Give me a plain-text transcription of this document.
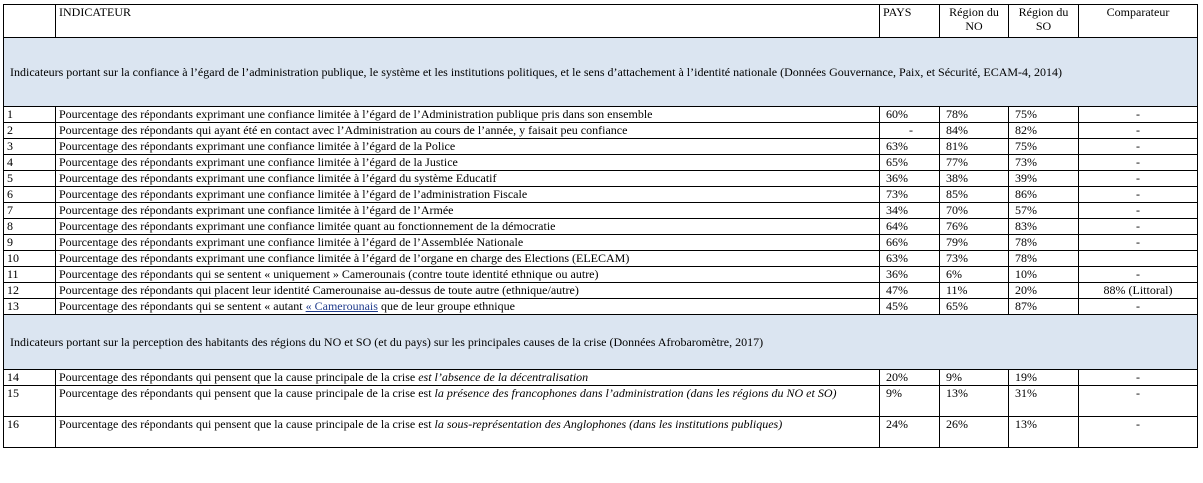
	INDICATEUR	PAYS	Région du NO	Région du SO	Comparateur
Indicateurs portant sur la confiance à l’égard de l’administration publique, le système et les institutions politiques, et le sens d’attachement à l’identité nationale (Données Gouvernance, Paix, et Sécurité, ECAM-4, 2014)					
1	Pourcentage des répondants exprimant une confiance limitée à l’égard de l’Administration publique pris dans son ensemble	60%	78%	75%	-
2	Pourcentage des répondants qui ayant été en contact avec l’Administration au cours de l’année, y faisait peu confiance	-	84%	82%	-
3	Pourcentage des répondants exprimant une confiance limitée à l’égard de la Police	63%	81%	75%	-
4	Pourcentage des répondants exprimant une confiance limitée à l’égard de la Justice	65%	77%	73%	-
5	Pourcentage des répondants exprimant une confiance limitée à l’égard du système Educatif	36%	38%	39%	-
6	Pourcentage des répondants exprimant une confiance limitée à l’égard de l’administration Fiscale	73%	85%	86%	-
7	Pourcentage des répondants exprimant une confiance limitée à l’égard de l’Armée	34%	70%	57%	-
8	Pourcentage des répondants exprimant une confiance limitée quant au fonctionnement de la démocratie	64%	76%	83%	-
9	Pourcentage des répondants exprimant une confiance limitée à l’égard de l’Assemblée Nationale	66%	79%	78%	-
10	Pourcentage des répondants exprimant une confiance limitée à l’égard de l’organe en charge des Elections (ELECAM)	63%	73%	78%	
11	Pourcentage des répondants qui se sentent « uniquement » Camerounais (contre toute identité ethnique ou autre)	36%	6%	10%	-
12	Pourcentage des répondants qui placent leur identité Camerounaise au-dessus de toute autre (ethnique/autre)	47%	11%	20%	88% (Littoral)
13	Pourcentage des répondants qui se sentent « autant « Camerounais que de leur groupe ethnique	45%	65%	87%	-
Indicateurs portant sur la perception des habitants des régions du NO et SO (et du pays) sur les principales causes de la crise (Données Afrobaromètre, 2017)					
14	Pourcentage des répondants qui pensent que la cause principale de la crise est l’absence de la décentralisation	20%	9%	19%	-
15	Pourcentage des répondants qui pensent que la cause principale de la crise est la présence des francophones dans l’administration (dans les régions du NO et SO)	9%	13%	31%	-
16	Pourcentage des répondants qui pensent que la cause principale de la crise est la sous-représentation des Anglophones (dans les institutions publiques)	24%	26%	13%	-
